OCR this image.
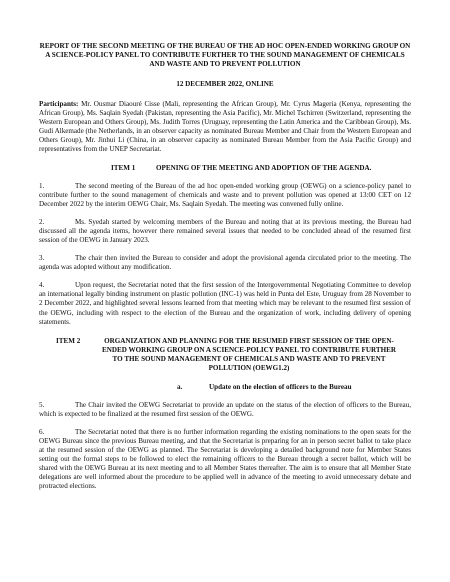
REPORT OF THE SECOND MEETING OF THE BUREAU OF THE AD HOC OPEN-ENDED WORKING GROUP ON A SCIENCE-POLICY PANEL TO CONTRIBUTE FURTHER TO THE SOUND MANAGEMENT OF CHEMICALS AND WASTE AND TO PREVENT POLLUTION

12 DECEMBER 2022, ONLINE

Participants: Mr. Ousmar Diaouré Cisse (Mali, representing the African Group), Mr. Cyrus Mageria (Kenya, representing the African Group), Ms. Saqlain Syedah (Pakistan, representing the Asia Pacific), Mr. Michel Tschirren (Switzerland, representing the Western European and Others Group), Ms. Judith Torres (Uruguay, representing the Latin America and the Caribbean Group), Ms. Gudi Alkemade (the Netherlands, in an observer capacity as nominated Bureau Member and Chair from the Western European and Others Group), Mr. Jinhui Li (China, in an observer capacity as nominated Bureau Member from the Asia Pacific Group) and representatives from the UNEP Secretariat.

ITEM 1	OPENING OF THE MEETING AND ADOPTION OF THE AGENDA.

1.	The second meeting of the Bureau of the ad hoc open-ended working group (OEWG) on a science-policy panel to contribute further to the sound management of chemicals and waste and to prevent pollution was opened at 13:00 CET on 12 December 2022 by the interim OEWG Chair, Ms. Saqlain Syedah. The meeting was convened fully online.

2.	Ms. Syedah started by welcoming members of the Bureau and noting that at its previous meeting, the Bureau had discussed all the agenda items, however there remained several issues that needed to be concluded ahead of the resumed first session of the OEWG in January 2023.

3.	The chair then invited the Bureau to consider and adopt the provisional agenda circulated prior to the meeting. The agenda was adopted without any modification.

4.	Upon request, the Secretariat noted that the first session of the Intergovernmental Negotiating Committee to develop an international legally binding instrument on plastic pollution (INC-1) was held in Punta del Este, Uruguay from 28 November to 2 December 2022, and highlighted several lessons learned from that meeting which may be relevant to the resumed first session of the OEWG, including with respect to the election of the Bureau and the organization of work, including delivery of opening statements.

ITEM 2	ORGANIZATION AND PLANNING FOR THE RESUMED FIRST SESSION OF THE OPEN-ENDED WORKING GROUP ON A SCIENCE-POLICY PANEL TO CONTRIBUTE FURTHER TO THE SOUND MANAGEMENT OF CHEMICALS AND WASTE AND TO PREVENT POLLUTION (OEWG1.2)
a.	Update on the election of officers to the Bureau

5.	The Chair invited the OEWG Secretariat to provide an update on the status of the election of officers to the Bureau, which is expected to be finalized at the resumed first session of the OEWG.

6.	The Secretariat noted that there is no further information regarding the existing nominations to the open seats for the OEWG Bureau since the previous Bureau meeting, and that the Secretariat is preparing for an in person secret ballot to take place at the resumed session of the OEWG as planned. The Secretariat is developing a detailed background note for Member States setting out the formal steps to be followed to elect the remaining officers to the Bureau through a secret ballot, which will be shared with the OEWG Bureau at its next meeting and to all Member States thereafter. The aim is to ensure that all Member State delegations are well informed about the procedure to be applied well in advance of the meeting to avoid unnecessary debate and protracted elections.
